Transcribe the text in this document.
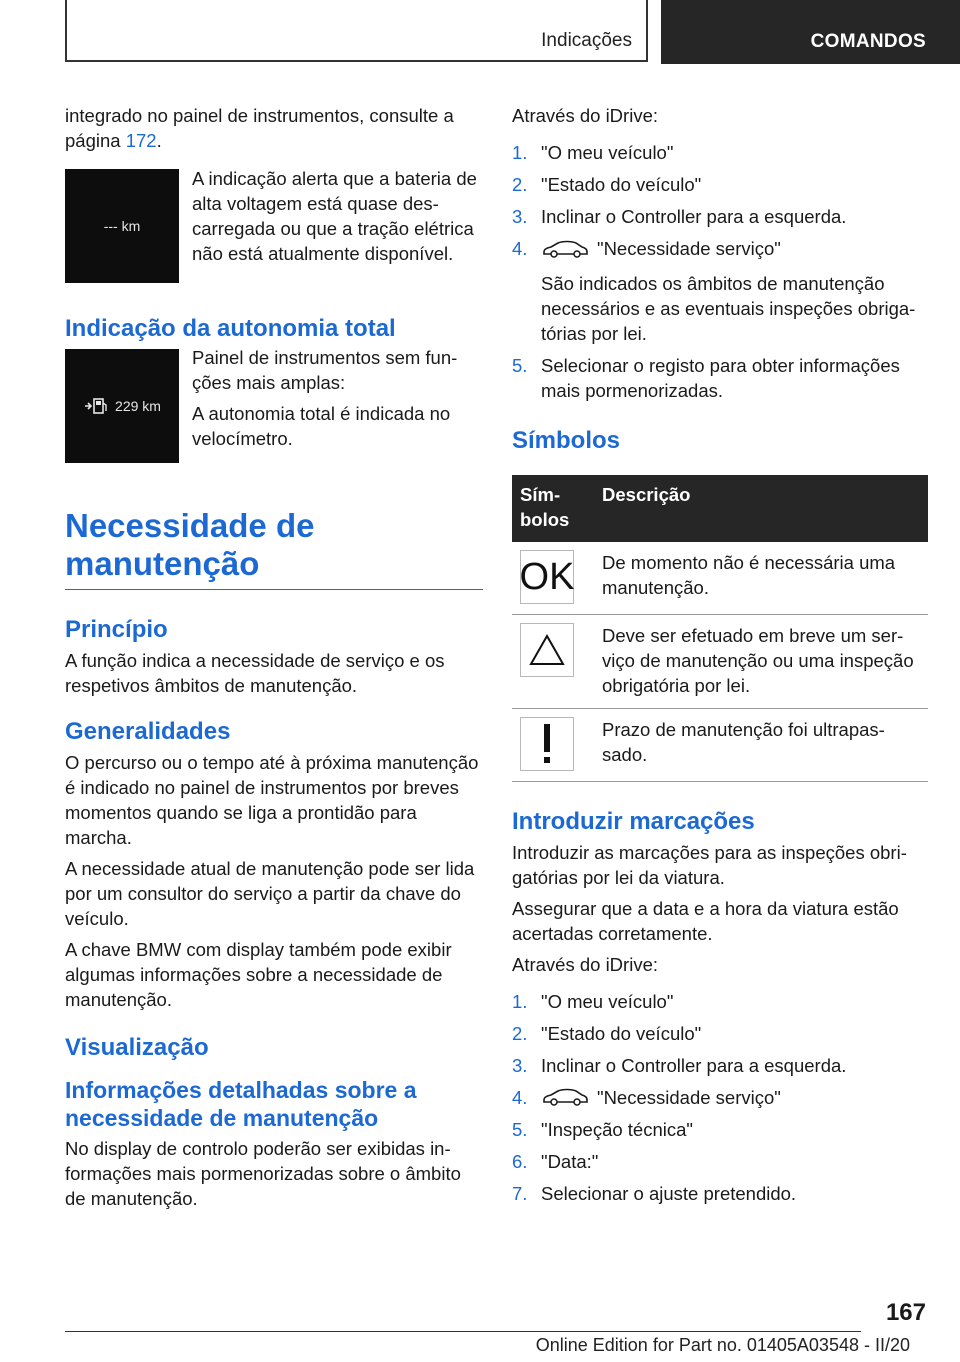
Indicações	COMANDOS

integrado no painel de instrumentos, consulte a página 172.

--- km
A indicação alerta que a bateria de alta voltagem está quase descarregada ou que a tração elétrica não está atualmente disponível.
Indicação da autonomia total
229 km

Painel de instrumentos sem funções mais amplas:

A autonomia total é indicada no velocímetro.

Necessidade de manutenção
Princípio

A função indica a necessidade de serviço e os respetivos âmbitos de manutenção.

Generalidades

O percurso ou o tempo até à próxima manutenção é indicado no painel de instrumentos por breves momentos quando se liga a prontidão para marcha.

A necessidade atual de manutenção pode ser lida por um consultor do serviço a partir da chave do veículo.

A chave BMW com display também pode exibir algumas informações sobre a necessidade de manutenção.

Visualização
Informações detalhadas sobre a necessidade de manutenção

No display de controlo poderão ser exibidas informações mais pormenorizadas sobre o âmbito de manutenção.

Através do iDrive:

1. "O meu veículo"
2. "Estado do veículo"
3. Inclinar o Controller para a esquerda.
4.	"Necessidade serviço"
São indicados os âmbitos de manutenção necessários e as eventuais inspeções obrigatórias por lei.
5. Selecionar o registo para obter informações mais pormenorizadas.
Símbolos
Símbolos	Descrição

OK	De momento não é necessária uma manutenção.

	Deve ser efetuado em breve um serviço de manutenção ou uma inspeção obrigatória por lei.

	Prazo de manutenção foi ultrapassado.
Introduzir marcações

Introduzir as marcações para as inspeções obrigatórias por lei da viatura.

Assegurar que a data e a hora da viatura estão acertadas corretamente.

Através do iDrive:

1. "O meu veículo"
2. "Estado do veículo"
3. Inclinar o Controller para a esquerda.
4.	"Necessidade serviço"
5. "Inspeção técnica"
6. "Data:"
7. Selecionar o ajuste pretendido.
167
Online Edition for Part no. 01405A03548 - II/20
